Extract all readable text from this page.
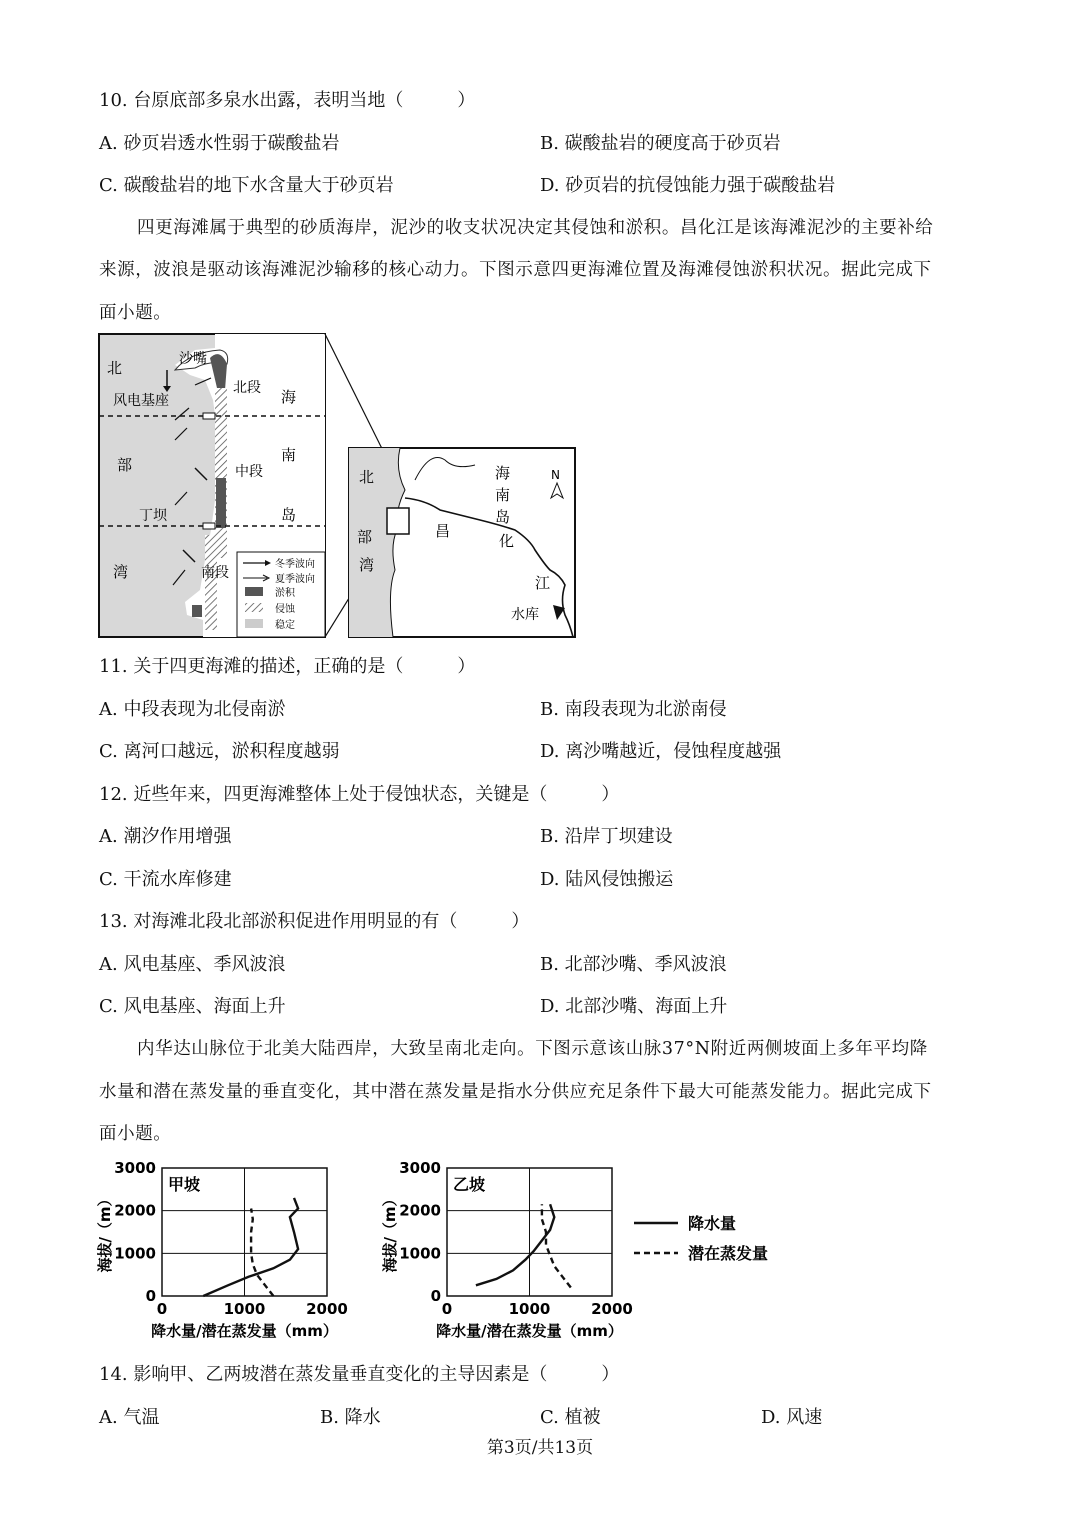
10. 台原底部多泉水出露，表明当地（　　　）
A. 砂页岩透水性弱于碳酸盐岩	B. 碳酸盐岩的硬度高于砂页岩
C. 碳酸盐岩的地下水含量大于砂页岩	D. 砂页岩的抗侵蚀能力强于碳酸盐岩
四更海滩属于典型的砂质海岸，泥沙的收支状况决定其侵蚀和淤积。昌化江是该海滩泥沙的主要补给
来源，波浪是驱动该海滩泥沙输移的核心动力。下图示意四更海滩位置及海滩侵蚀淤积状况。据此完成下
面小题。
北
部
湾
海
南
岛
沙嘴
北段
中段
南段
风电基座
丁坝
冬季波向
夏季波向
淤积
侵蚀
稳定
北
部
湾
海
南
岛
昌
化
江
水库
N
11. 关于四更海滩的描述，正确的是（　　　）
A. 中段表现为北侵南淤	B. 南段表现为北淤南侵
C. 离河口越远，淤积程度越弱	D. 离沙嘴越近，侵蚀程度越强
12. 近些年来，四更海滩整体上处于侵蚀状态，关键是（　　　）
A. 潮汐作用增强	B. 沿岸丁坝建设
C. 干流水库修建	D. 陆风侵蚀搬运
13. 对海滩北段北部淤积促进作用明显的有（　　　）
A. 风电基座、季风波浪	B. 北部沙嘴、季风波浪
C. 风电基座、海面上升	D. 北部沙嘴、海面上升
内华达山脉位于北美大陆西岸，大致呈南北走向。下图示意该山脉37°N附近两侧坡面上多年平均降
水量和潜在蒸发量的垂直变化，其中潜在蒸发量是指水分供应充足条件下最大可能蒸发能力。据此完成下
面小题。
0
1000
2000
3000
0	1000	2000
甲坡
降水量/潜在蒸发量（mm）
海拔/（m）
0
1000
2000
3000
0	1000	2000
乙坡
降水量/潜在蒸发量（mm）
海拔/（m）	降水量
潜在蒸发量
14. 影响甲、乙两坡潜在蒸发量垂直变化的主导因素是（　　　）
A. 气温	B. 降水	C. 植被	D. 风速
第3页/共13页
